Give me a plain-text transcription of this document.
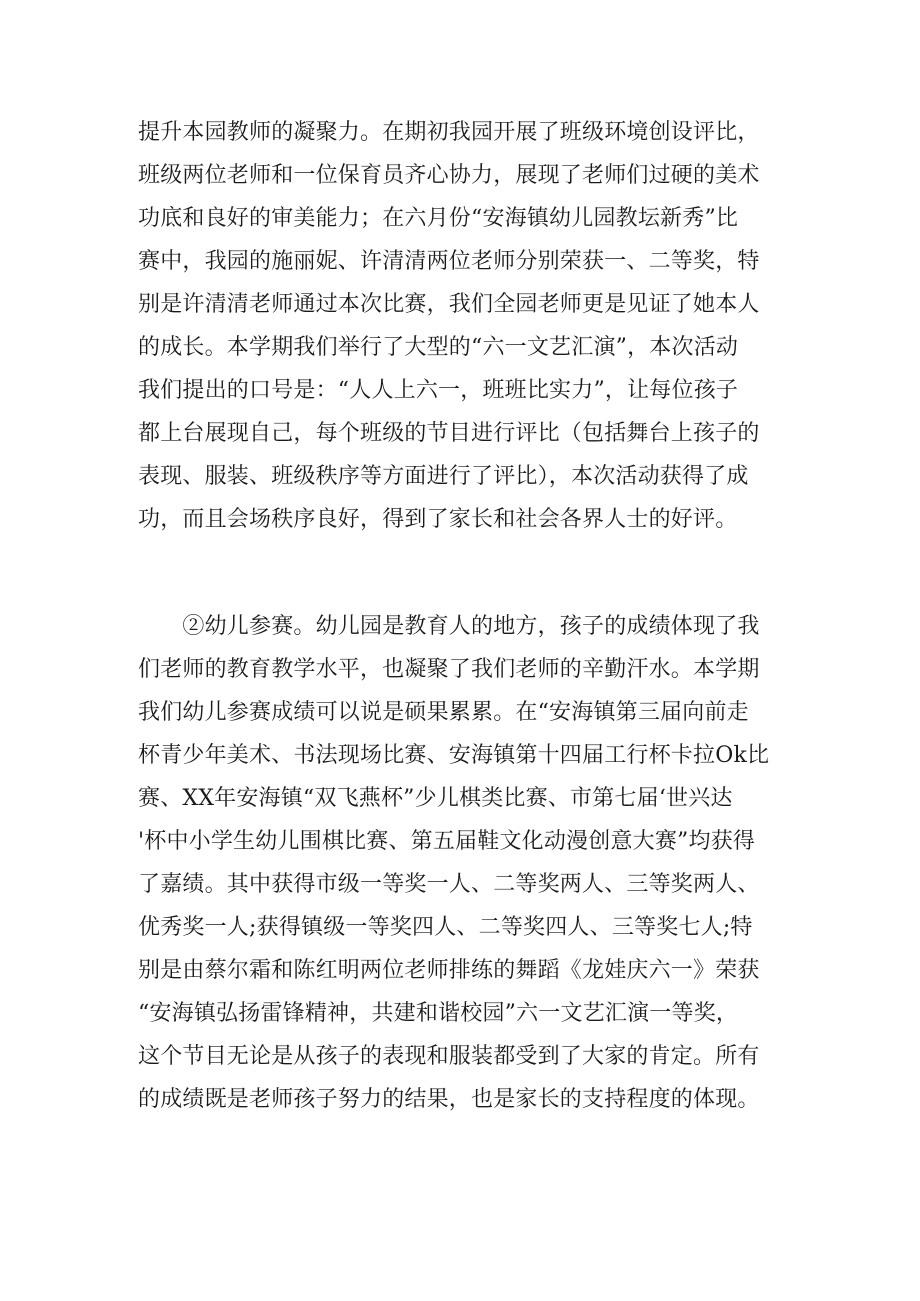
提升本园教师的凝聚力。在期初我园开展了班级环境创设评比，
班级两位老师和一位保育员齐心协力，展现了老师们过硬的美术
功底和良好的审美能力；在六月份“安海镇幼儿园教坛新秀”比
赛中，我园的施丽妮、许清清两位老师分别荣获一、二等奖，特
别是许清清老师通过本次比赛，我们全园老师更是见证了她本人
的成长。本学期我们举行了大型的“六一文艺汇演”，本次活动
我们提出的口号是：“人人上六一，班班比实力”，让每位孩子
都上台展现自己，每个班级的节目进行评比（包括舞台上孩子的
表现、服装、班级秩序等方面进行了评比），本次活动获得了成
功，而且会场秩序良好，得到了家长和社会各界人士的好评。
　　②幼儿参赛。幼儿园是教育人的地方，孩子的成绩体现了我
们老师的教育教学水平，也凝聚了我们老师的辛勤汗水。本学期
我们幼儿参赛成绩可以说是硕果累累。在“安海镇第三届向前走
杯青少年美术、书法现场比赛、安海镇第十四届工行杯卡拉Ok比
赛、XX年安海镇“双飞燕杯”少儿棋类比赛、市第七届‘世兴达
'杯中小学生幼儿围棋比赛、第五届鞋文化动漫创意大赛”均获得
了嘉绩。其中获得市级一等奖一人、二等奖两人、三等奖两人、
优秀奖一人;获得镇级一等奖四人、二等奖四人、三等奖七人;特
别是由蔡尔霜和陈红明两位老师排练的舞蹈《龙娃庆六一》荣获
“安海镇弘扬雷锋精神，共建和谐校园”六一文艺汇演一等奖，
这个节目无论是从孩子的表现和服装都受到了大家的肯定。所有
的成绩既是老师孩子努力的结果，也是家长的支持程度的体现。
